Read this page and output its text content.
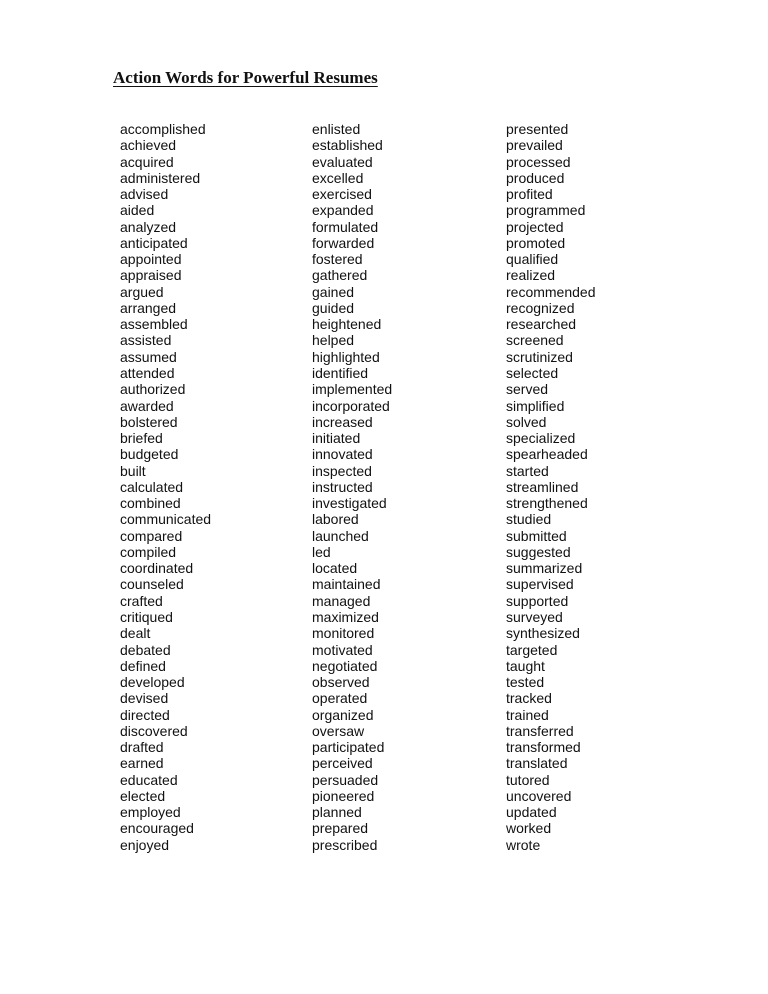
Action Words for Powerful Resumes
accomplished
achieved
acquired
administered
advised
aided
analyzed
anticipated
appointed
appraised
argued
arranged
assembled
assisted
assumed
attended
authorized
awarded
bolstered
briefed
budgeted
built
calculated
combined
communicated
compared
compiled
coordinated
counseled
crafted
critiqued
dealt
debated
defined
developed
devised
directed
discovered
drafted
earned
educated
elected
employed
encouraged
enjoyed
enlisted
established
evaluated
excelled
exercised
expanded
formulated
forwarded
fostered
gathered
gained
guided
heightened
helped
highlighted
identified
implemented
incorporated
increased
initiated
innovated
inspected
instructed
investigated
labored
launched
led
located
maintained
managed
maximized
monitored
motivated
negotiated
observed
operated
organized
oversaw
participated
perceived
persuaded
pioneered
planned
prepared
prescribed
presented
prevailed
processed
produced
profited
programmed
projected
promoted
qualified
realized
recommended
recognized
researched
screened
scrutinized
selected
served
simplified
solved
specialized
spearheaded
started
streamlined
strengthened
studied
submitted
suggested
summarized
supervised
supported
surveyed
synthesized
targeted
taught
tested
tracked
trained
transferred
transformed
translated
tutored
uncovered
updated
worked
wrote
